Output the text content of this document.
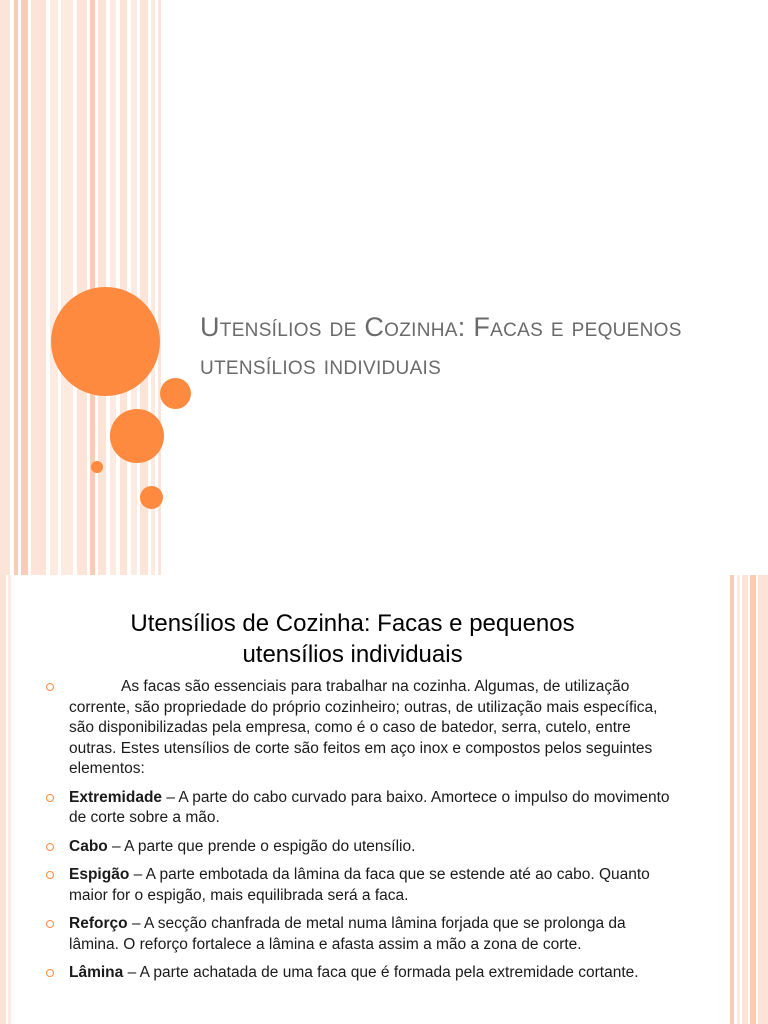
Utensílios de Cozinha: Facas e pequenos utensílios individuais
Utensílios de Cozinha: Facas e pequenos
utensílios individuais
As facas são essenciais para trabalhar na cozinha. Algumas, de utilização corrente, são propriedade do próprio cozinheiro; outras, de utilização mais específica, são disponibilizadas pela empresa, como é o caso de batedor, serra, cutelo, entre outras. Estes utensílios de corte são feitos em aço inox e compostos pelos seguintes elementos:
Extremidade – A parte do cabo curvado para baixo. Amortece o impulso do movimento de corte sobre a mão.
Cabo – A parte que prende o espigão do utensílio.
Espigão – A parte embotada da lâmina da faca que se estende até ao cabo. Quanto maior for o espigão, mais equilibrada será a faca.
Reforço – A secção chanfrada de metal numa lâmina forjada que se prolonga da lâmina. O reforço fortalece a lâmina e afasta assim a mão a zona de corte.
Lâmina – A parte achatada de uma faca que é formada pela extremidade cortante.
